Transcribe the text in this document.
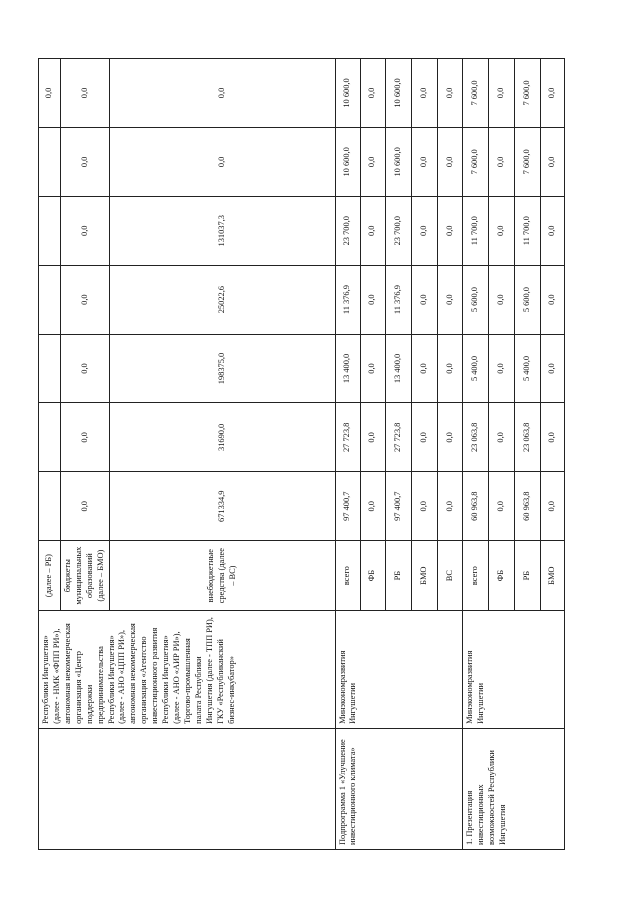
	Республики Ингушетия» (далее - НМК «ФПП РИ»), автономная некоммерческая организация «Центр поддержки предпринимательства Республики Ингушетия» (далее - АНО «ЦПП РИ»), автономная некоммерческая организация «Агентство инвестиционного развития Республики Ингушетия» (далее - АНО «АИР РИ»), Торгово-промышленная палата Республики Ингушетия (далее - ТПП РИ), ГКУ «Республиканский бизнес-инкубатор»	(далее – РБ)							0,0
		бюджеты муниципальных образований (далее – БМО)	0,0	0,0	0,0	0,0	0,0	0,0	0,0
		внебюджетные средства (далее – ВС)	671334,9	31690,0	198375,0	25022,6	131037,3	0,0	0,0
Подпрограмма 1 «Улучшение инвестиционного климата»	Минэкономразвития Ингушетии	всего	97 400,7	27 723,8	13 400,0	11 376,9	23 700,0	10 600,0	10 600,0
		ФБ	0,0	0,0	0,0	0,0	0,0	0,0	0,0
		РБ	97 400,7	27 723,8	13 400,0	11 376,9	23 700,0	10 600,0	10 600,0
		БМО	0,0	0,0	0,0	0,0	0,0	0,0	0,0
		ВС	0,0	0,0	0,0	0,0	0,0	0,0	0,0
1. Презентация инвестиционных возможностей Республики Ингушетия	Минэкономразвития Ингушетии	всего	60 963,8	23 063,8	5 400,0	5 600,0	11 700,0	7 600,0	7 600,0
		ФБ	0,0	0,0	0,0	0,0	0,0	0,0	0,0
		РБ	60 963,8	23 063,8	5 400,0	5 600,0	11 700,0	7 600,0	7 600,0
		БМО	0,0	0,0	0,0	0,0	0,0	0,0	0,0
